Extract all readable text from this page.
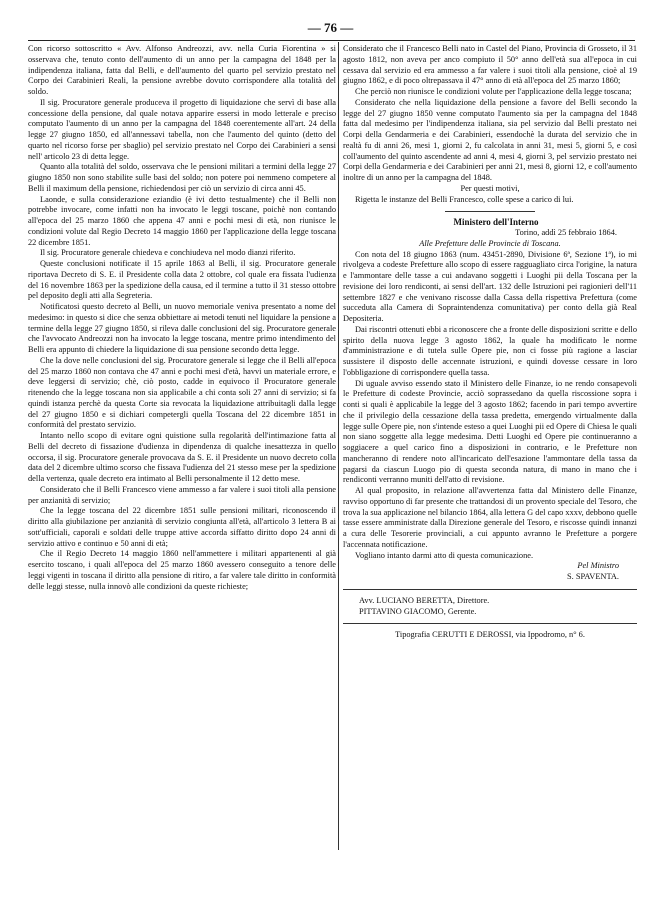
— 76 —

Con ricorso sottoscritto « Avv. Alfonso Andreozzi, avv. nella Curia Fiorentina » si osservava che, tenuto conto dell'aumento di un anno per la campagna del 1848 per la indipendenza italiana, fatta dal Belli, e dell'aumento del quarto pel servizio prestato nel Corpo dei Carabinieri Reali, la pensione avrebbe dovuto corrispondere alla totalità del soldo.

Il sig. Procuratore generale produceva il progetto di liquidazione che servì di base alla concessione della pensione, dal quale notava apparire essersi in modo letterale e preciso computato l'aumento di un anno per la campagna del 1848 coerentemente all'art. 24 della legge 27 giugno 1850, ed all'annessavi tabella, non che l'aumento del quinto (detto del quarto nel ricorso forse per sbaglio) pel servizio prestato nel Corpo dei Carabinieri a sensi nell' articolo 23 di detta legge.

Quanto alla totalità del soldo, osservava che le pensioni militari a termini della legge 27 giugno 1850 non sono stabilite sulle basi del soldo; non potere poi nemmeno competere al Belli il maximum della pensione, richiedendosi per ciò un servizio di circa anni 45.

Laonde, e sulla considerazione eziandio (è ivi detto testualmente) che il Belli non potrebbe invocare, come infatti non ha invocato le leggi toscane, poichè non contando all'epoca del 25 marzo 1860 che appena 47 anni e pochi mesi di età, non riunisce le condizioni volute dal Regio Decreto 14 maggio 1860 per l'applicazione della legge toscana 22 dicembre 1851.

Il sig. Procuratore generale chiedeva e conchiudeva nel modo dianzi riferito.

Queste conclusioni notificate il 15 aprile 1863 al Belli, il sig. Procuratore generale riportava Decreto di S. E. il Presidente colla data 2 ottobre, col quale era fissata l'udienza del 16 novembre 1863 per la spedizione della causa, ed il termine a tutto il 31 stesso ottobre pel deposito degli atti alla Segreteria.

Notificatosi questo decreto al Belli, un nuovo memoriale veniva presentato a nome del medesimo: in questo si dice che senza obbiettare ai metodi tenuti nel liquidare la pensione a termine della legge 27 giugno 1850, si rileva dalle conclusioni del sig. Procuratore generale che l'avvocato Andreozzi non ha invocato la legge toscana, mentre primo intendimento del Belli era appunto di chiedere la liquidazione di sua pensione secondo detta legge.

Che la dove nelle conclusioni del sig. Procuratore generale si legge che il Belli all'epoca del 25 marzo 1860 non contava che 47 anni e pochi mesi d'età, havvi un materiale errore, e deve leggersi di servizio; chè, ciò posto, cadde in equivoco il Procuratore generale ritenendo che la legge toscana non sia applicabile a chi conta soli 27 anni di servizio; si fa quindi istanza perchè da questa Corte sia revocata la liquidazione attribuitagli dalla legge del 27 giugno 1850 e si dichiari competergli quella Toscana del 22 dicembre 1851 in conformità del prestato servizio.

Intanto nello scopo di evitare ogni quistione sulla regolarità dell'intimazione fatta al Belli del decreto di fissazione d'udienza in dipendenza di qualche inesattezza in quello occorsa, il sig. Procuratore generale provocava da S. E. il Presidente un nuovo decreto colla data del 2 dicembre ultimo scorso che fissava l'udienza del 21 stesso mese per la spedizione della vertenza, quale decreto era intimato al Belli personalmente il 12 detto mese.

Considerato che il Belli Francesco viene ammesso a far valere i suoi titoli alla pensione per anzianità di servizio;

Che la legge toscana del 22 dicembre 1851 sulle pensioni militari, riconoscendo il diritto alla giubilazione per anzianità di servizio congiunta all'età, all'articolo 3 lettera B ai sott'ufficiali, caporali e soldati delle truppe attive accorda siffatto diritto dopo 24 anni di servizio attivo e continuo e 50 anni di età;

Che il Regio Decreto 14 maggio 1860 nell'ammettere i militari appartenenti al già esercito toscano, i quali all'epoca del 25 marzo 1860 avessero conseguito a tenore delle leggi vigenti in toscana il diritto alla pensione di ritiro, a far valere tale diritto in conformità delle leggi stesse, nulla innovò alle condizioni da queste richieste;

Considerato che il Francesco Belli nato in Castel del Piano, Provincia di Grosseto, il 31 agosto 1812, non aveva per anco compiuto il 50° anno dell'età sua all'epoca in cui cessava dal servizio ed era ammesso a far valere i suoi titoli alla pensione, cioè al 19 giugno 1862, e di poco oltrepassava il 47° anno di età all'epoca del 25 marzo 1860;

Che perciò non riunisce le condizioni volute per l'applicazione della legge toscana;

Considerato che nella liquidazione della pensione a favore del Belli secondo la legge del 27 giugno 1850 venne computato l'aumento sia per la campagna del 1848 fatta dal medesimo per l'indipendenza italiana, sia pel servizio dal Belli prestato nei Corpi della Gendarmeria e dei Carabinieri, essendochè la durata del servizio che in realtà fu di anni 26, mesi 1, giorni 2, fu calcolata in anni 31, mesi 5, giorni 5, e così coll'aumento del quinto ascendente ad anni 4, mesi 4, giorni 3, pel servizio prestato nei Corpi della Gendarmeria e dei Carabinieri per anni 21, mesi 8, giorni 12, e coll'aumento inoltre di un anno per la campagna del 1848.

Per questi motivi,

Rigetta le instanze del Belli Francesco, colle spese a carico di lui.

Ministero dell'Interno

Torino, addì 25 febbraio 1864.

Alle Prefetture delle Provincie di Toscana.

Con nota del 18 giugno 1863 (num. 43451-2890, Divisione 6ª, Sezione 1ª), io mi rivolgeva a codeste Prefetture allo scopo di essere ragguagliato circa l'origine, la natura e l'ammontare delle tasse a cui andavano soggetti i Luoghi pii della Toscana per la revisione dei loro rendiconti, ai sensi dell'art. 132 delle Istruzioni pei ragionieri dell'11 settembre 1827 e che venivano riscosse dalla Cassa della rispettiva Prefettura (come succeduta alla Camera di Sopraintendenza comunitativa) per conto della già Real Depositeria.

Dai riscontri ottenuti ebbi a riconoscere che a fronte delle disposizioni scritte e dello spirito della nuova legge 3 agosto 1862, la quale ha modificato le norme d'amministrazione e di tutela sulle Opere pie, non ci fosse più ragione a lasciar sussistere il disposto delle accennate istruzioni, e quindi dovesse cessare in loro l'obbligazione di corrispondere quella tassa.

Di uguale avviso essendo stato il Ministero delle Finanze, io ne rendo consapevoli le Prefetture di codeste Provincie, acciò soprassedano da quella riscossione sopra i conti si quali è applicabile la legge del 3 agosto 1862; facendo in pari tempo avvertire che il privilegio della cessazione della tassa predetta, emergendo virtualmente dalla legge sulle Opere pie, non s'intende esteso a quei Luoghi pii ed Opere di Chiesa le quali non siano soggette alla legge medesima. Detti Luoghi ed Opere pie continueranno a soggiacere a quel carico fino a disposizioni in contrario, e le Prefetture non mancheranno di rendere noto all'incaricato dell'esazione l'ammontare della tassa da pagarsi da ciascun Luogo pio di questa seconda natura, di mano in mano che i rendiconti verranno muniti dell'atto di revisione.

Al qual proposito, in relazione all'avvertenza fatta dal Ministero delle Finanze, ravviso opportuno di far presente che trattandosi di un provento speciale del Tesoro, che trova la sua applicazione nel bilancio 1864, alla lettera G del capo xxxv, debbono quelle tasse essere amministrate dalla Direzione generale del Tesoro, e riscosse quindi innanzi a cura delle Tesorerie provinciali, a cui appunto avranno le Prefetture a porgere l'accennata notificazione.

Vogliano intanto darmi atto di questa comunicazione.

Pel Ministro

S. SPAVENTA.

Avv. LUCIANO BERETTA, Direttore.

PITTAVINO GIACOMO, Gerente.

Tipografia CERUTTI E DEROSSI, via Ippodromo, n° 6.
